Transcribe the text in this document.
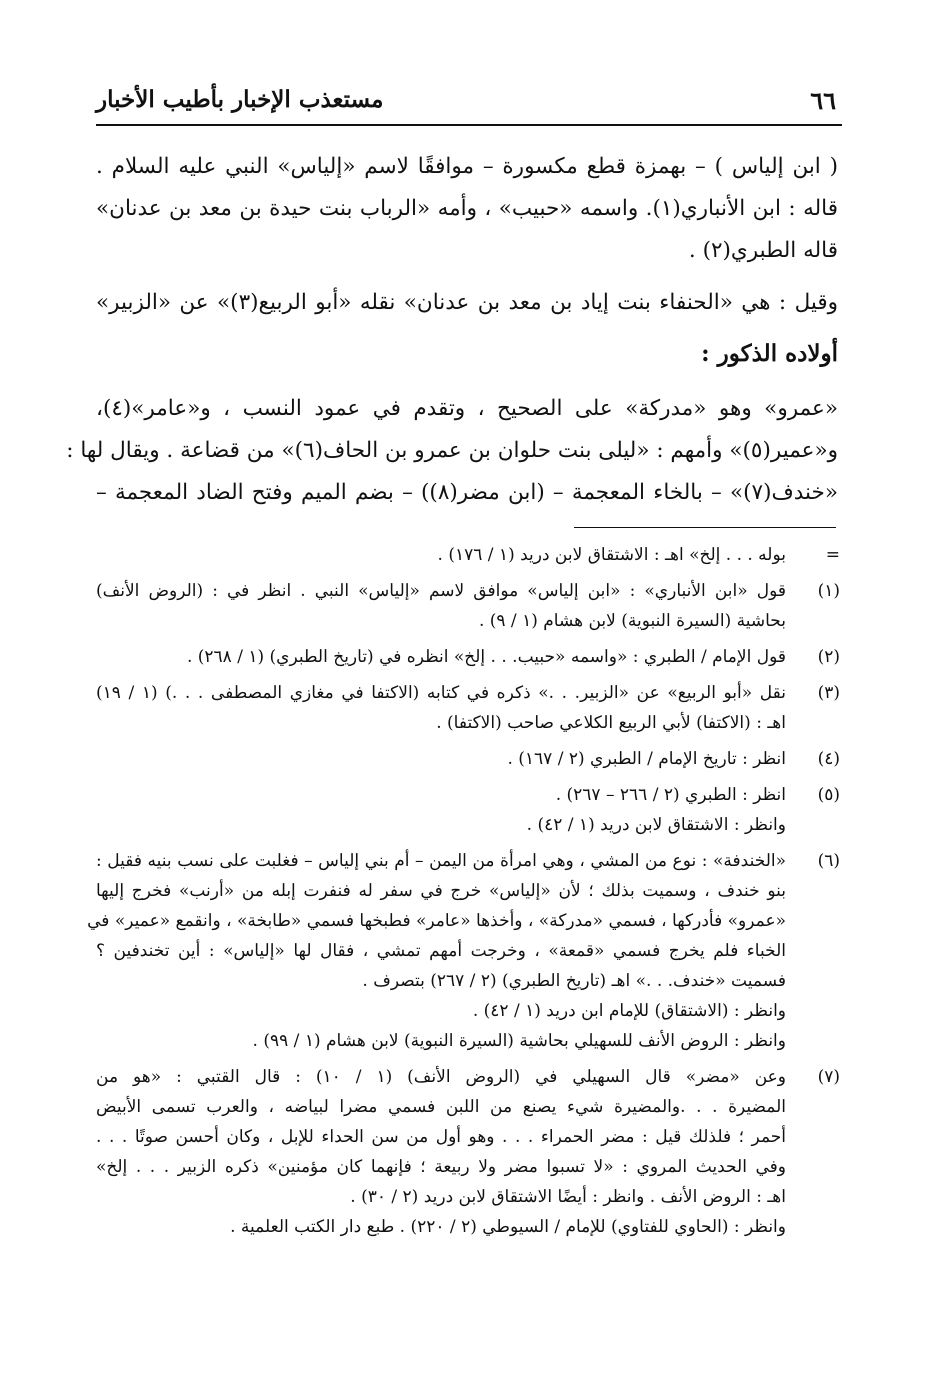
٦٦
مستعذب الإخبار بأطيب الأخبار
( ابن إلياس ) – بهمزة قطع مكسورة – موافقًا لاسم «إلياس» النبي عليه السلام .
قاله : ابن الأنباري(١). واسمه «حبيب» ، وأمه «الرباب بنت حيدة بن معد بن عدنان»
قاله الطبري(٢) .
وقيل : هي «الحنفاء بنت إياد بن معد بن عدنان» نقله «أبو الربيع(٣)» عن «الزبير»
أولاده الذكور :
«عمرو» وهو «مدركة» على الصحيح ، وتقدم في عمود النسب ، و«عامر»(٤)،
و«عمير(٥)» وأمهم : «ليلى بنت حلوان بن عمرو بن الحاف(٦)» من قضاعة . ويقال لها :
«خندف(٧)» – بالخاء المعجمة – (ابن مضر(٨)) – بضم الميم وفتح الضاد المعجمة –
=
بوله . . . إلخ» اهـ : الاشتقاق لابن دريد (١ / ١٧٦) .
(١)
قول «ابن الأنباري» : «ابن إلياس» موافق لاسم «إلياس» النبي . انظر في : (الروض الأنف)
بحاشية (السيرة النبوية) لابن هشام (١ / ٩) .
(٢)
قول الإمام / الطبري : «واسمه «حبيب. . . إلخ» انظره في (تاريخ الطبري) (١ / ٢٦٨) .
(٣)
نقل «أبو الربيع» عن «الزبير. . .» ذكره في كتابه (الاكتفا في مغازي المصطفى . . .) (١ / ١٩)
اهـ : (الاكتفا) لأبي الربيع الكلاعي صاحب (الاكتفا) .
(٤)
انظر : تاريخ الإمام / الطبري (٢ / ١٦٧) .
(٥)
انظر : الطبري (٢ / ٢٦٦ – ٢٦٧) .
وانظر : الاشتقاق لابن دريد (١ / ٤٢) .
(٦)
«الخندفة» : نوع من المشي ، وهي امرأة من اليمن – أم بني إلياس – فغلبت على نسب بنيه فقيل :
بنو خندف ، وسميت بذلك ؛ لأن «إلياس» خرج في سفر له فنفرت إبله من «أرنب» فخرج إليها
«عمرو» فأدركها ، فسمي «مدركة» ، وأخذها «عامر» فطبخها فسمي «طابخة» ، وانقمع «عمير» في
الخباء فلم يخرج فسمي «قمعة» ، وخرجت أمهم تمشي ، فقال لها «إلياس» : أين تخندفين ؟
فسميت «خندف. . .» اهـ (تاريخ الطبري) (٢ / ٢٦٧) بتصرف .
وانظر : (الاشتقاق) للإمام ابن دريد (١ / ٤٢) .
وانظر : الروض الأنف للسهيلي بحاشية (السيرة النبوية) لابن هشام (١ / ٩٩) .
(٧)
وعن «مضر» قال السهيلي في (الروض الأنف) (١ / ١٠) : قال القتبي : «هو من
المضيرة . . .والمضيرة شيء يصنع من اللبن فسمي مضرا لبياضه ، والعرب تسمى الأبيض
أحمر ؛ فلذلك قيل : مضر الحمراء . . . وهو أول من سن الحداء للإبل ، وكان أحسن صوتًا . . .
وفي الحديث المروي : «لا تسبوا مضر ولا ربيعة ؛ فإنهما كان مؤمنين» ذكره الزبير . . . إلخ»
اهـ : الروض الأنف . وانظر : أيضًا الاشتقاق لابن دريد (٢ / ٣٠) .
وانظر : (الحاوي للفتاوي) للإمام / السيوطي (٢ / ٢٢٠) . طبع دار الكتب العلمية .
